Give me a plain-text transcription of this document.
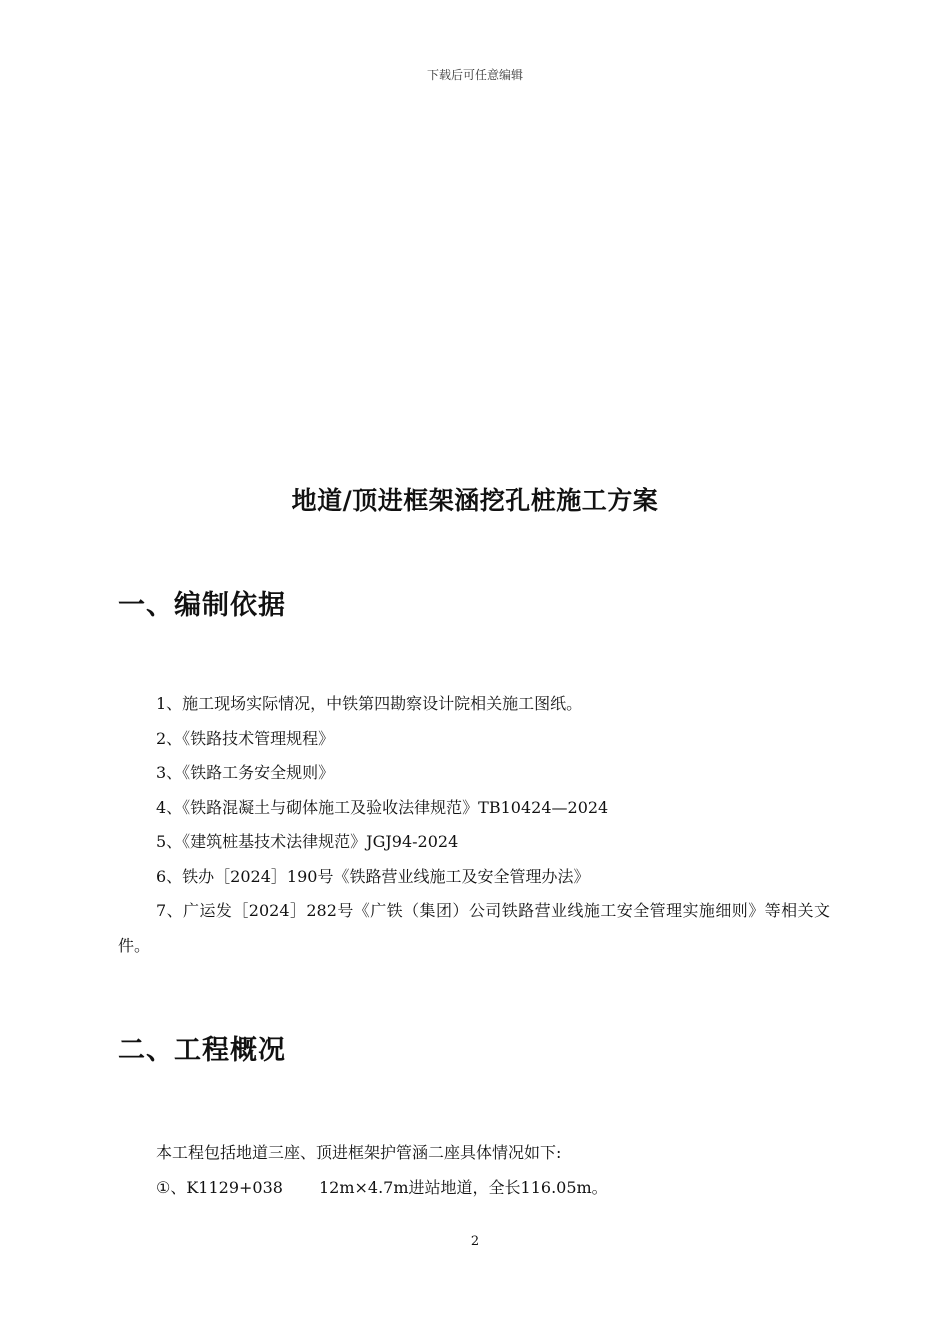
下载后可任意编辑
地道/顶进框架涵挖孔桩施工方案
一、编制依据
1、施工现场实际情况，中铁第四勘察设计院相关施工图纸。
2、《铁路技术管理规程》
3、《铁路工务安全规则》
4、《铁路混凝土与砌体施工及验收法律规范》TB10424—2024
5、《建筑桩基技术法律规范》JGJ94-2024
6、铁办［2024］190号《铁路营业线施工及安全管理办法》
7、广运发［2024］282号《广铁（集团）公司铁路营业线施工安全管理实施细则》等相关文件。
二、工程概况
本工程包括地道三座、顶进框架护管涵二座具体情况如下:
①、K1129+038 12m×4.7m进站地道，全长116.05m。
2
